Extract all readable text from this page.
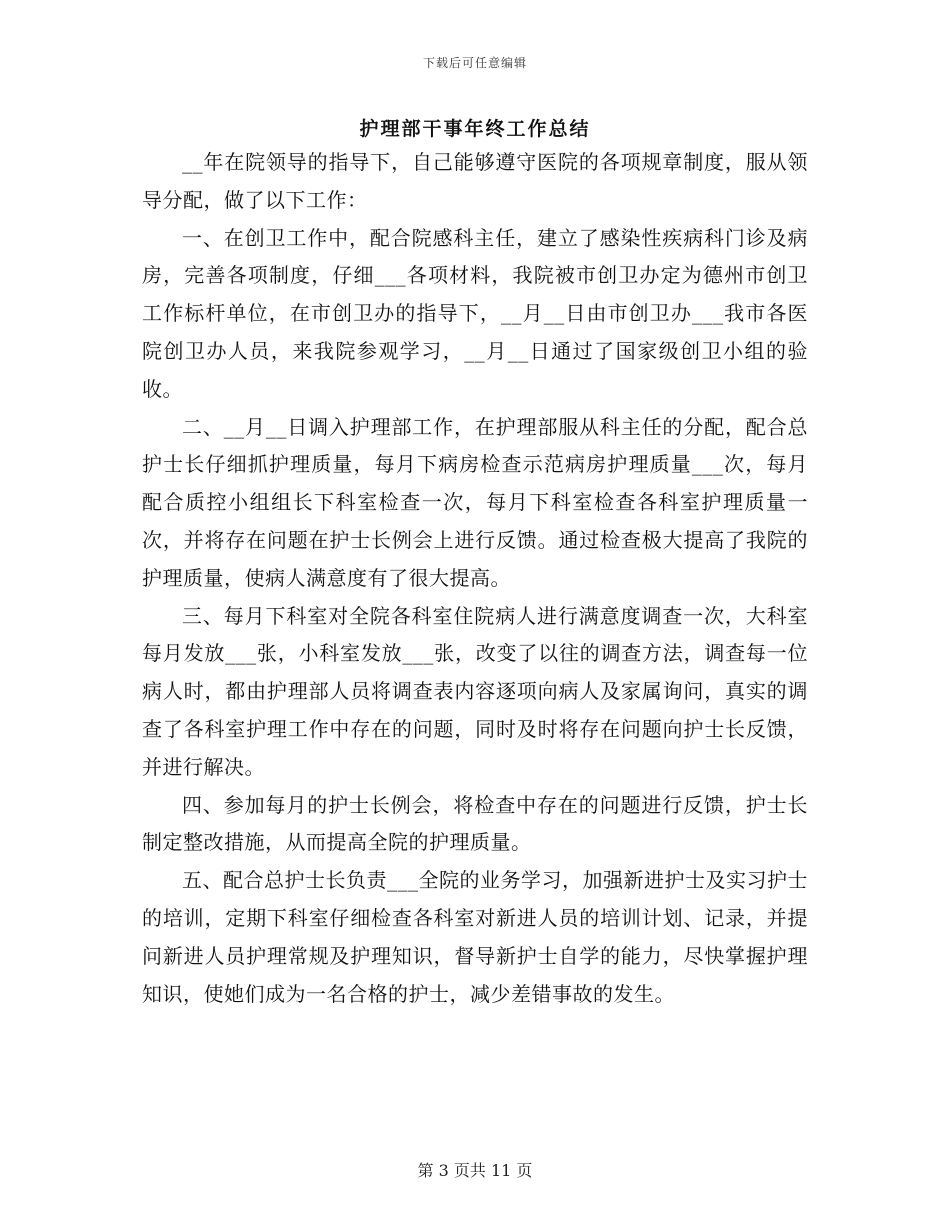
下载后可任意编辑
护理部干事年终工作总结

__年在院领导的指导下，自己能够遵守医院的各项规章制度，服从领导分配，做了以下工作：

一、在创卫工作中，配合院感科主任，建立了感染性疾病科门诊及病房，完善各项制度，仔细___各项材料，我院被市创卫办定为德州市创卫工作标杆单位，在市创卫办的指导下，__月__日由市创卫办___我市各医院创卫办人员，来我院参观学习，__月__日通过了国家级创卫小组的验收。

二、__月__日调入护理部工作，在护理部服从科主任的分配，配合总护士长仔细抓护理质量，每月下病房检查示范病房护理质量___次，每月配合质控小组组长下科室检查一次，每月下科室检查各科室护理质量一次，并将存在问题在护士长例会上进行反馈。通过检查极大提高了我院的护理质量，使病人满意度有了很大提高。

三、每月下科室对全院各科室住院病人进行满意度调查一次，大科室每月发放___张，小科室发放___张，改变了以往的调查方法，调查每一位病人时，都由护理部人员将调查表内容逐项向病人及家属询问，真实的调查了各科室护理工作中存在的问题，同时及时将存在问题向护士长反馈，并进行解决。

四、参加每月的护士长例会，将检查中存在的问题进行反馈，护士长制定整改措施，从而提高全院的护理质量。

五、配合总护士长负责___全院的业务学习，加强新进护士及实习护士的培训，定期下科室仔细检查各科室对新进人员的培训计划、记录，并提问新进人员护理常规及护理知识，督导新护士自学的能力，尽快掌握护理知识，使她们成为一名合格的护士，减少差错事故的发生。

第 3 页共 11 页
